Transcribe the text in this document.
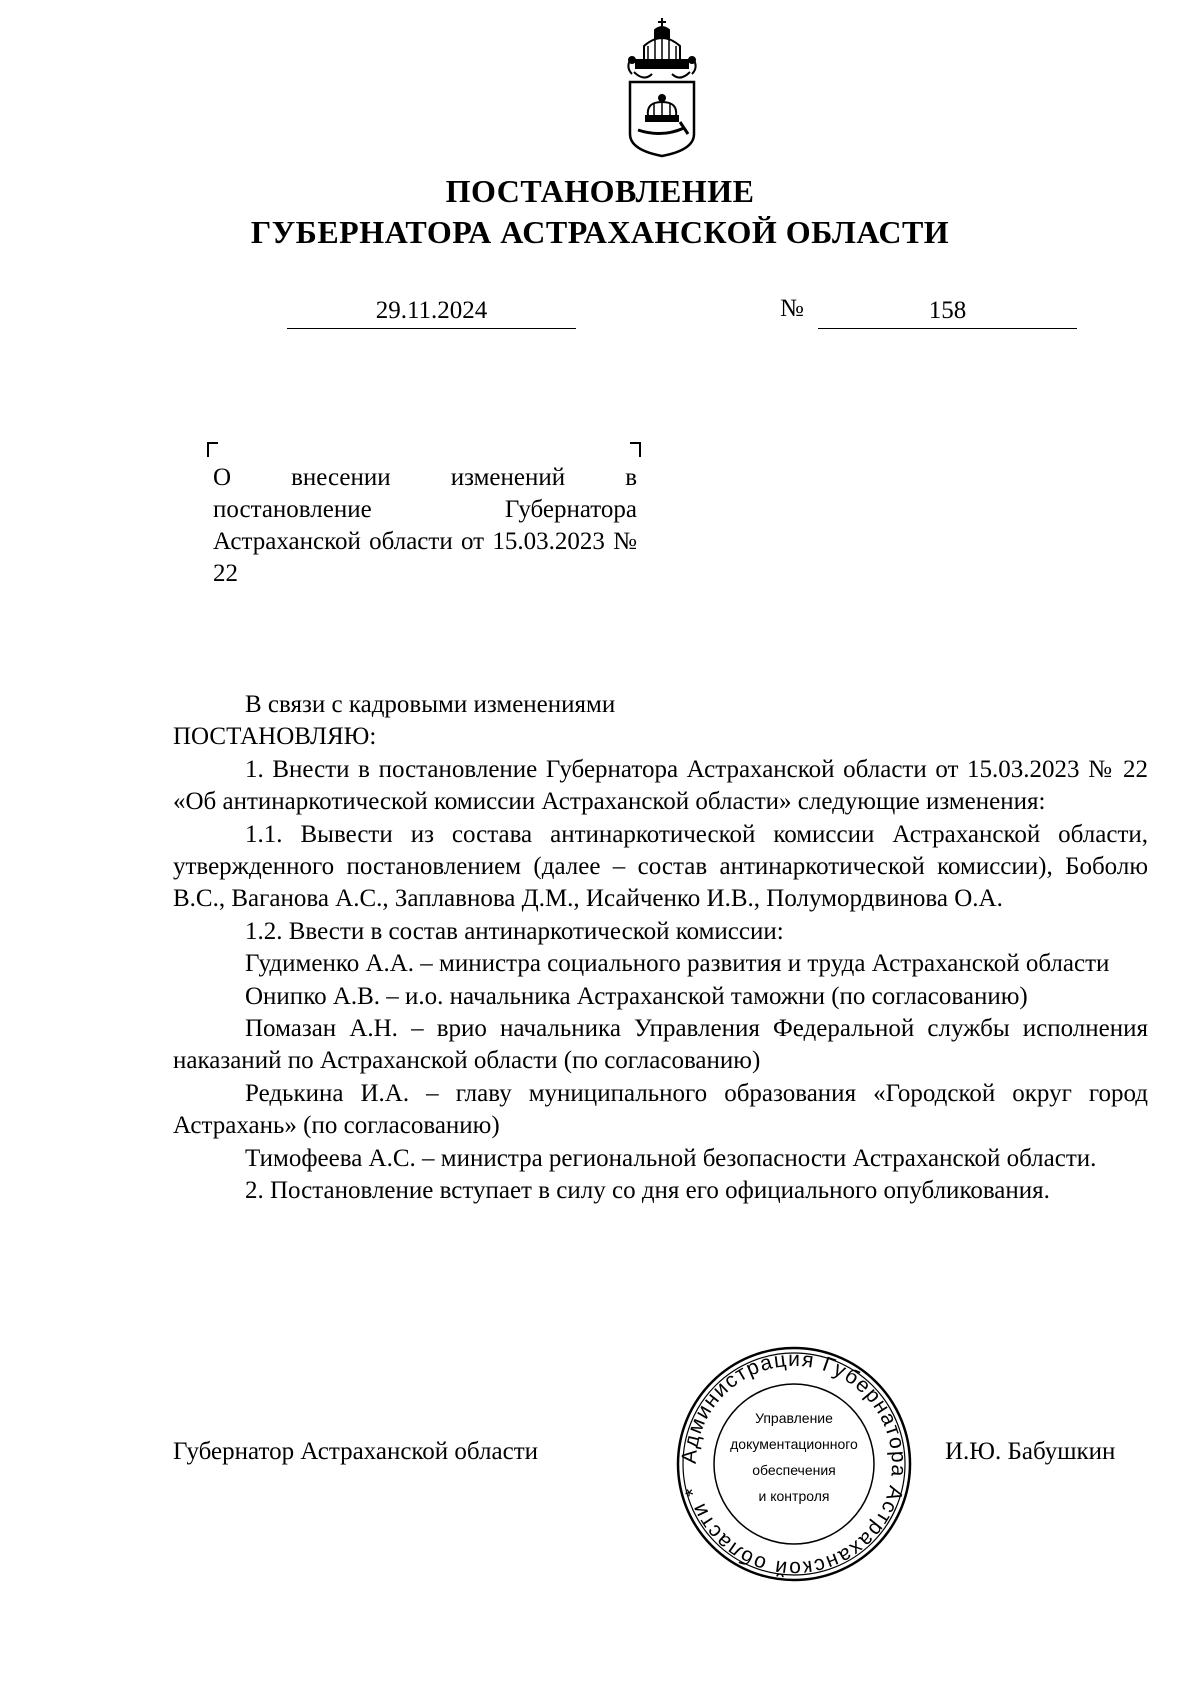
ПОСТАНОВЛЕНИЕ
ГУБЕРНАТОРА АСТРАХАНСКОЙ ОБЛАСТИ
29.11.2024	№	158
О внесении изменений в постановление Губернатора Астраханской области от 15.03.2023 № 22

В связи с кадровыми изменениями

ПОСТАНОВЛЯЮ:

1. Внести в постановление Губернатора Астраханской области от 15.03.2023 № 22 «Об антинаркотической комиссии Астраханской области» следующие изменения:

1.1. Вывести из состава антинаркотической комиссии Астраханской области, утвержденного постановлением (далее – состав антинаркотической комиссии), Боболю В.С., Ваганова А.С., Заплавнова Д.М., Исайченко И.В., Полумордвинова О.А.

1.2. Ввести в состав антинаркотической комиссии:

Гудименко А.А. – министра социального развития и труда Астраханской области

Онипко А.В. – и.о. начальника Астраханской таможни (по согласованию)

Помазан А.Н. – врио начальника Управления Федеральной службы исполнения наказаний по Астраханской области (по согласованию)

Редькина И.А. – главу муниципального образования «Городской округ город Астрахань» (по согласованию)

Тимофеева А.С. – министра региональной безопасности Астраханской области.

2. Постановление вступает в силу со дня его официального опубликования.

Администрация Губернатора Астраханской области *
Управление
документационного
обеспечения
и контроля
Губернатор Астраханской области	И.Ю. Бабушкин
